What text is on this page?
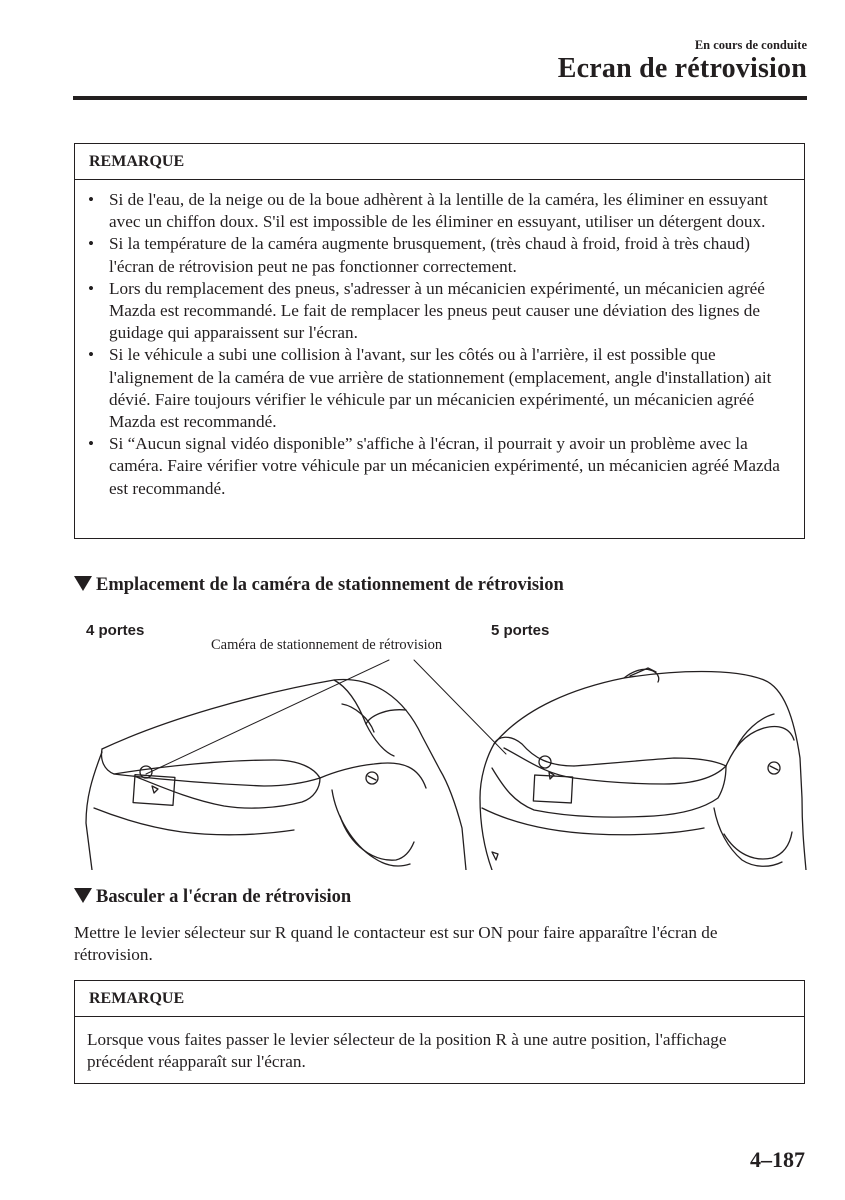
En cours de conduite
Ecran de rétrovision
REMARQUE
• Si de l'eau, de la neige ou de la boue adhèrent à la lentille de la caméra, les éliminer en essuyant avec un chiffon doux. S'il est impossible de les éliminer en essuyant, utiliser un détergent doux.
• Si la température de la caméra augmente brusquement, (très chaud à froid, froid à très chaud) l'écran de rétrovision peut ne pas fonctionner correctement.
• Lors du remplacement des pneus, s'adresser à un mécanicien expérimenté, un mécanicien agréé Mazda est recommandé. Le fait de remplacer les pneus peut causer une déviation des lignes de guidage qui apparaissent sur l'écran.
• Si le véhicule a subi une collision à l'avant, sur les côtés ou à l'arrière, il est possible que l'alignement de la caméra de vue arrière de stationnement (emplacement, angle d'installation) ait dévié. Faire toujours vérifier le véhicule par un mécanicien expérimenté, un mécanicien agréé Mazda est recommandé.
• Si “Aucun signal vidéo disponible” s'affiche à l'écran, il pourrait y avoir un problème avec la caméra. Faire vérifier votre véhicule par un mécanicien expérimenté, un mécanicien agréé Mazda est recommandé.
Emplacement de la caméra de stationnement de rétrovision
4 portes	5 portes
Caméra de stationnement de rétrovision
Basculer a l'écran de rétrovision
Mettre le levier sélecteur sur R quand le contacteur est sur ON pour faire apparaître l'écran de rétrovision.
REMARQUE
Lorsque vous faites passer le levier sélecteur de la position R à une autre position, l'affichage précédent réapparaît sur l'écran.
4–187
